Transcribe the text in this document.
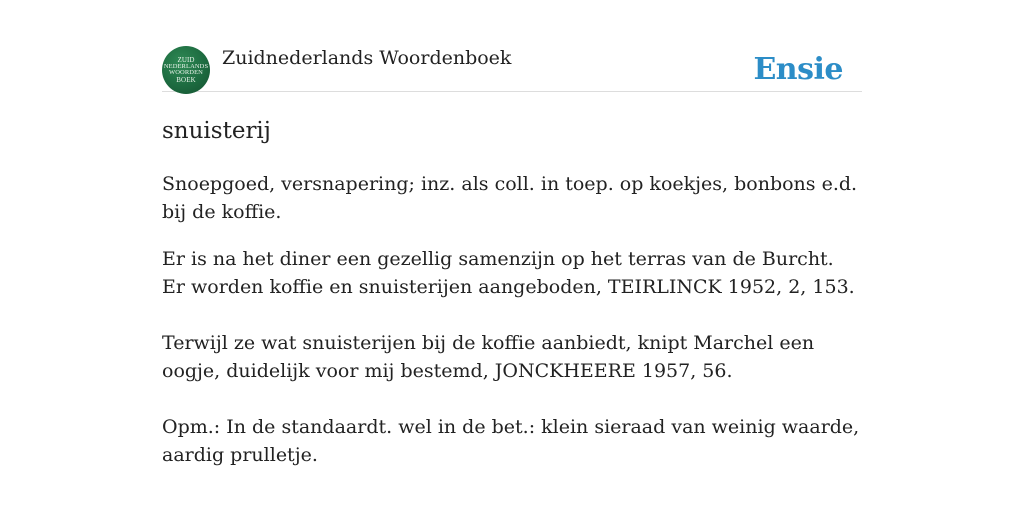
ZUID
NEDERLANDS
WOORDEN
BOEK
Zuidnederlands Woordenboek	Ensie
snuisterij

Snoepgoed, versnapering; inz. als coll. in toep. op koekjes, bonbons e.d. bij de koffie.

Er is na het diner een gezellig samenzijn op het terras van de Burcht. Er worden koffie en snuisterijen aangeboden, TEIRLINCK 1952, 2, 153.

Terwijl ze wat snuisterijen bij de koffie aanbiedt, knipt Marchel een oogje, duidelijk voor mij bestemd, JONCKHEERE 1957, 56.

Opm.: In de standaardt. wel in de bet.: klein sieraad van weinig waarde, aardig prulletje.
